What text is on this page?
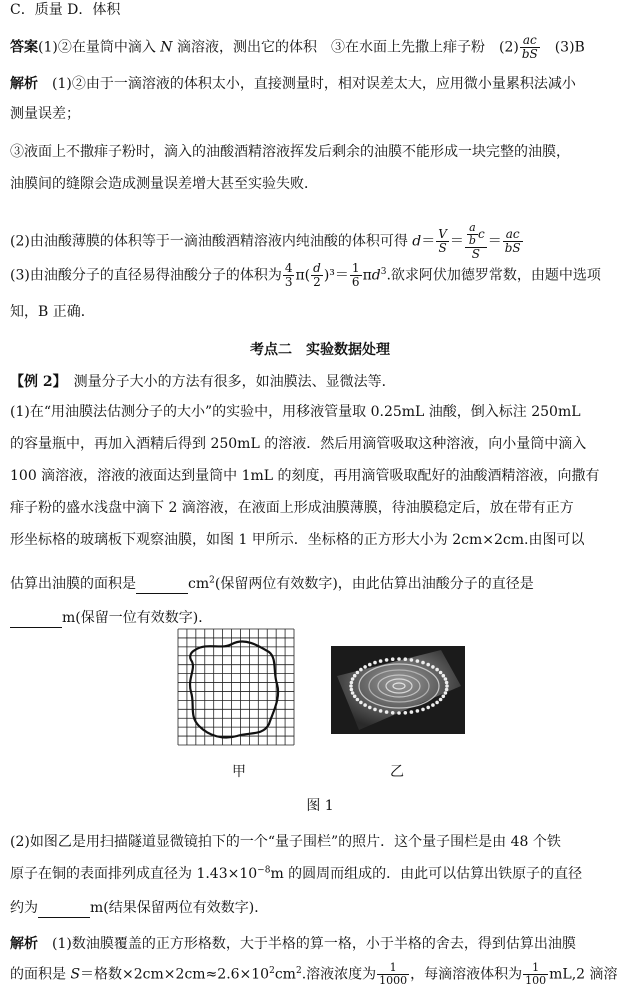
C．质量 D．体积
答案(1)②在量筒中滴入 N 滴溶液，测出它的体积　③在水面上先撒上痱子粉　$(2) \frac{ac}{bS}$ 　(3)B
解析　(1)②由于一滴溶液的体积太小，直接测量时，相对误差太大，应用微小量累积法减小
测量误差；
③液面上不撒痱子粉时，滴入的油酸酒精溶液挥发后剩余的油膜不能形成一块完整的油膜，
油膜间的缝隙会造成测量误差增大甚至实验失败．
(2)由油酸薄膜的体积等于一滴油酸酒精溶液内纯油酸的体积可得 $d= \frac{V}{S} = \frac{\frac{a}{b} c}{S} = \frac{ac}{bS}$
(3)由油酸分子的直径易得油酸分子的体积为 $\frac{4}{3} \pi( \frac{d}{2} )^3= \frac{1}{6} \pi d^3$.欲求阿伏加德罗常数，由题中选项
知，B 正确．
考点二　实验数据处理
【例 2】　测量分子大小的方法有很多，如油膜法、显微法等．
(1)在“用油膜法估测分子的大小”的实验中，用移液管量取 0.25mL 油酸，倒入标注 250mL
的容量瓶中，再加入酒精后得到 250mL 的溶液．然后用滴管吸取这种溶液，向小量筒中滴入
100 滴溶液，溶液的液面达到量筒中 1mL 的刻度，再用滴管吸取配好的油酸酒精溶液，向撒有
痱子粉的盛水浅盘中滴下 2 滴溶液，在液面上形成油膜薄膜，待油膜稳定后，放在带有正方
形坐标格的玻璃板下观察油膜，如图 1 甲所示．坐标格的正方形大小为 2cm×2cm.由图可以
估算出油膜的面积是	$cm^2$(保留两位有效数字)，由此估算出油酸分子的直径是
m(保留一位有效数字)．
甲	乙
图 1
(2)如图乙是用扫描隧道显微镜拍下的一个“量子围栏”的照片．这个量子围栏是由 48 个铁
原子在铜的表面排列成直径为 $1.43\times 10^{-8}m$ 的圆周而组成的．由此可以估算出铁原子的直径
约为	m(结果保留两位有效数字)．
解析　(1)数油膜覆盖的正方形格数，大于半格的算一格，小于半格的舍去，得到估算出油膜
的面积是 S＝格数$\times 2cm\times 2cm\approx 2.6\times 10^2cm^2$.溶液浓度为 $\frac{1}{1000}$ ，每滴溶液体积为 $\frac{1}{100} mL,2$ 滴溶
